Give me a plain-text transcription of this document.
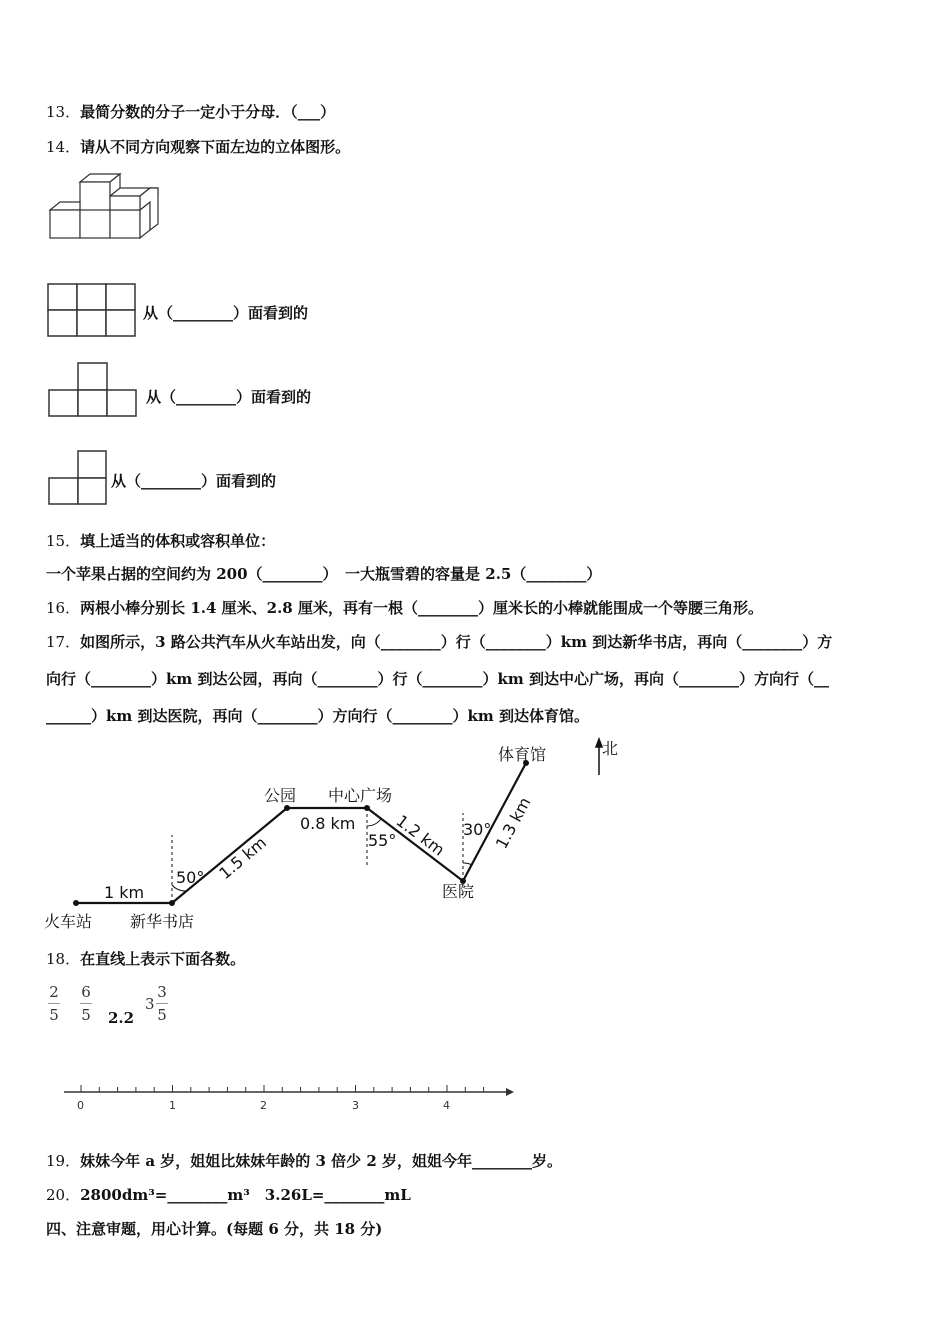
13．最简分数的分子一定小于分母．（___）
14．请从不同方向观察下面左边的立体图形。
从（________）面看到的
从（________）面看到的
从（________）面看到的
15．填上适当的体积或容积单位：
一个苹果占据的空间约为 200（________）　一大瓶雪碧的容量是 2.5（________）
16．两根小棒分别长 1.4 厘米、2.8 厘米，再有一根（________）厘米长的小棒就能围成一个等腰三角形。
17．如图所示，3 路公共汽车从火车站出发，向（________）行（________）km 到达新华书店，再向（________）方
向行（________）km 到达公园，再向（________）行（________）km 到达中心广场，再向（________）方向行（__
______）km 到达医院，再向（________）方向行（________）km 到达体育馆。
北
火车站 新华书店
公园 中心广场
医院
体育馆
1 km
1.5 km
0.8 km 1.2 km	1.3 km
50°
55°
30°
18．在直线上表示下面各数。
2
5
6
5 2.2
3
3
5
0	1	2	3	4
19．妹妹今年 a 岁，姐姐比妹妹年龄的 3 倍少 2 岁，姐姐今年________岁。
20．2800dm³=________m³　3.26L=________mL
四、注意审题，用心计算。(每题 6 分，共 18 分)
